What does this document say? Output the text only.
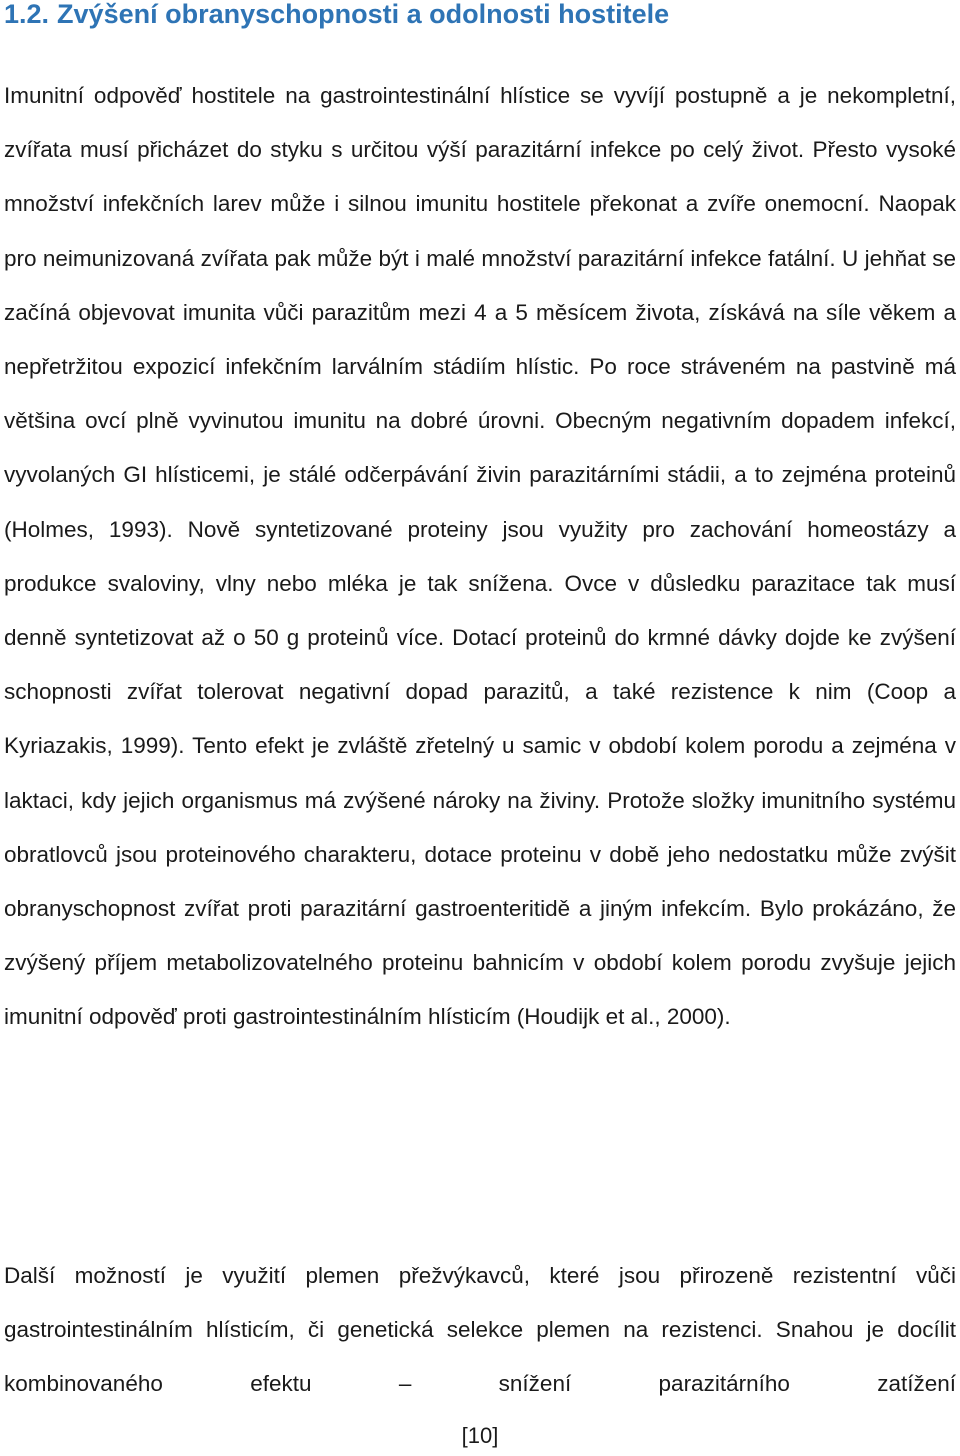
1.2. Zvýšení obranyschopnosti a odolnosti hostitele

Imunitní odpověď hostitele na gastrointestinální hlístice se vyvíjí postupně a je nekompletní, zvířata musí přicházet do styku s určitou výší parazitární infekce po celý život. Přesto vysoké množství infekčních larev může i silnou imunitu hostitele překonat a zvíře onemocní. Naopak pro neimunizovaná zvířata pak může být i malé množství parazitární infekce fatální. U jehňat se začíná objevovat imunita vůči parazitům mezi 4 a 5 měsícem života, získává na síle věkem a nepřetržitou expozicí infekčním larválním stádiím hlístic. Po roce stráveném na pastvině má většina ovcí plně vyvinutou imunitu na dobré úrovni. Obecným negativním dopadem infekcí, vyvolaných GI hlísticemi, je stálé odčerpávání živin parazitárními stádii, a to zejména proteinů (Holmes, 1993). Nově syntetizované proteiny jsou využity pro zachování homeostázy a produkce svaloviny, vlny nebo mléka je tak snížena. Ovce v důsledku parazitace tak musí denně syntetizovat až o 50 g proteinů více. Dotací proteinů do krmné dávky dojde ke zvýšení schopnosti zvířat tolerovat negativní dopad parazitů, a také rezistence k nim (Coop a Kyriazakis, 1999). Tento efekt je zvláště zřetelný u samic v období kolem porodu a zejména v laktaci, kdy jejich organismus má zvýšené nároky na živiny. Protože složky imunitního systému obratlovců jsou proteinového charakteru, dotace proteinu v době jeho nedostatku může zvýšit obranyschopnost zvířat proti parazitární gastroenteritidě a jiným infekcím. Bylo prokázáno, že zvýšený příjem metabolizovatelného proteinu bahnicím v období kolem porodu zvyšuje jejich imunitní odpověď proti gastrointestinálním hlísticím (Houdijk et al., 2000).

Další možností je využití plemen přežvýkavců, které jsou přirozeně rezistentní vůči gastrointestinálním hlísticím, či genetická selekce plemen na rezistenci. Snahou je docílit kombinovaného efektu – snížení parazitárního zatížení

[10]
